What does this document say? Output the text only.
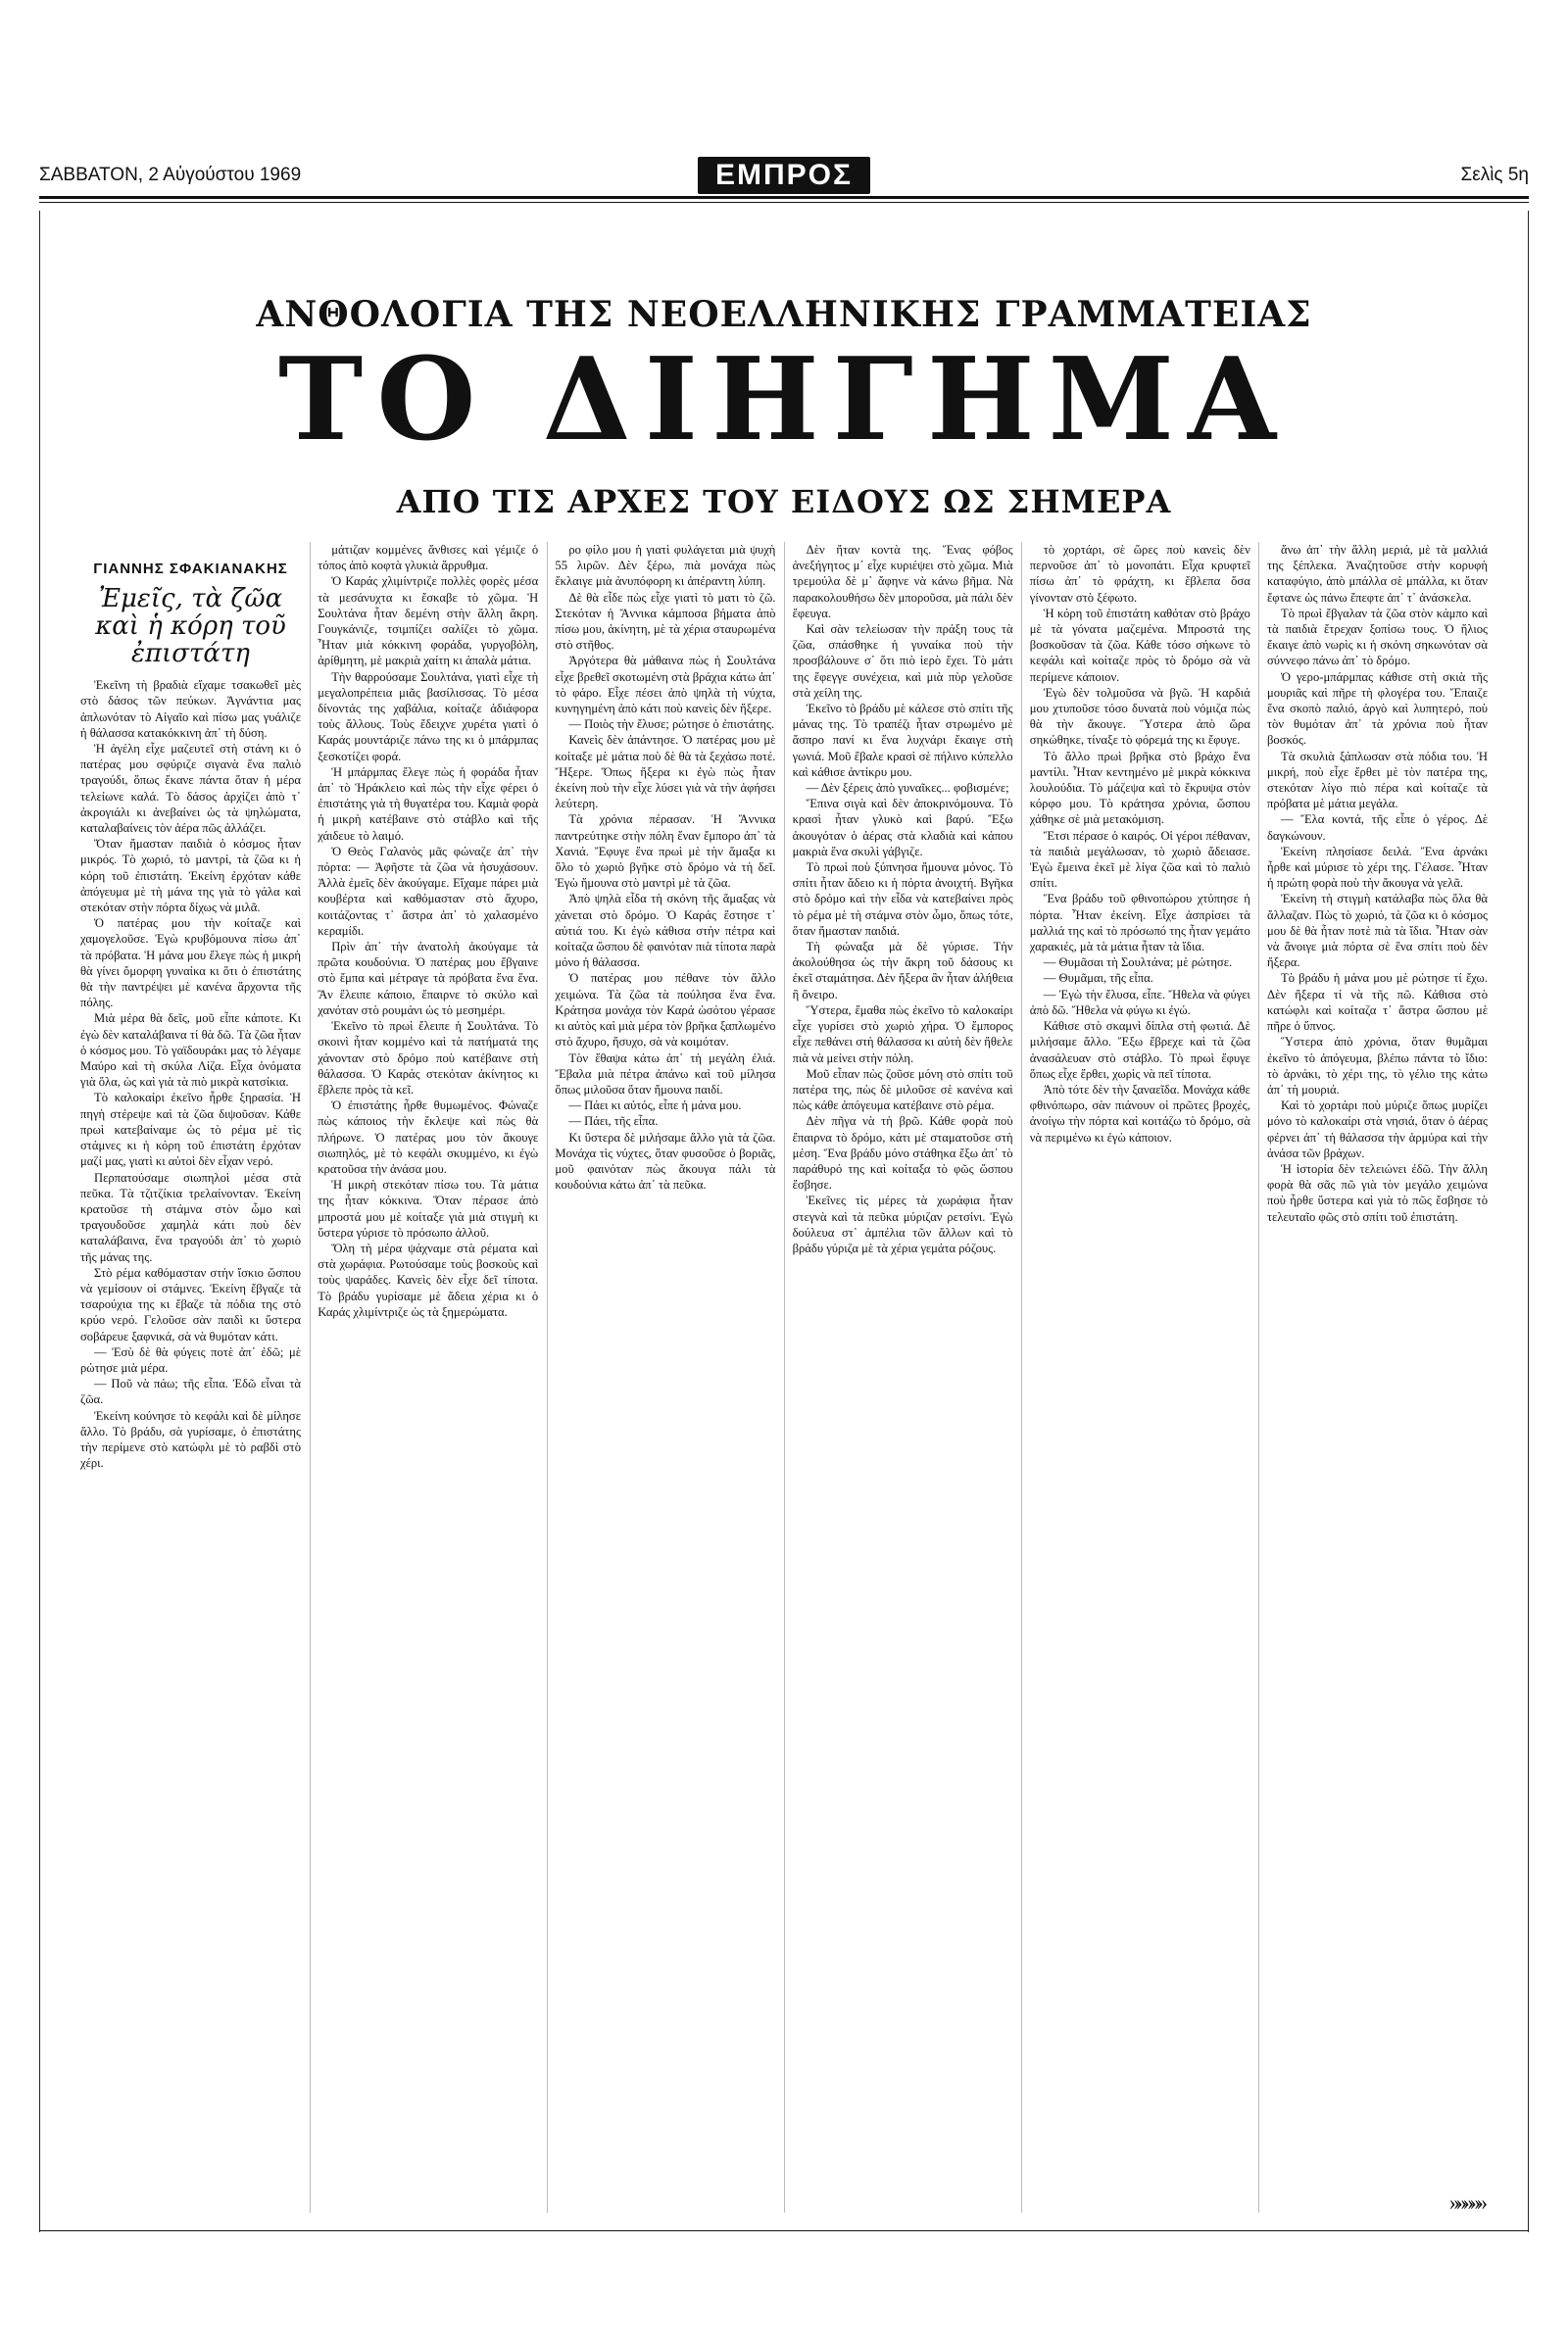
ΣΑΒΒΑΤΟΝ, 2 Αὐγούστου 1969	ΕΜΠΡΟΣ	Σελὶς 5η
ΑΝΘΟΛΟΓΙΑ ΤΗΣ ΝΕΟΕΛΛΗΝΙΚΗΣ ΓΡΑΜΜΑΤΕΙΑΣ
ΤΟ ΔΙΗΓΗΜΑ
ΑΠΟ ΤΙΣ ΑΡΧΕΣ ΤΟΥ ΕΙΔΟΥΣ ΩΣ ΣΗΜΕΡΑ
ΓΙΑΝΝΗΣ ΣΦΑΚΙΑΝΑΚΗΣ
Ἐμεῖς, τὰ ζῶα καὶ ἡ κόρη τοῦ ἐπιστάτη

Ἐκεῖνη τὴ βραδιὰ εἴχαμε τσακωθεῖ μὲς στὸ δάσος τῶν πεύκων. Ἀγνάντια μας ἁπλωνόταν τὸ Αἰγαῖο καὶ πίσω μας γυάλιζε ἡ θάλασσα κατακόκκινη ἀπ᾽ τὴ δύση.

Ἡ ἀγέλη εἶχε μαζευτεῖ στὴ στάνη κι ὁ πατέρας μου σφύριζε σιγανὰ ἕνα παλιὸ τραγούδι, ὅπως ἔκανε πάντα ὅταν ἡ μέρα τελείωνε καλά. Τὸ δάσος ἀρχίζει ἀπὸ τ᾽ ἀκρογιάλι κι ἀνεβαίνει ὡς τὰ ψηλώματα, καταλαβαίνεις τὸν ἀέρα πῶς ἀλλάζει.

Ὅταν ἤμασταν παιδιὰ ὁ κόσμος ἦταν μικρός. Τὸ χωριό, τὸ μαντρί, τὰ ζῶα κι ἡ κόρη τοῦ ἐπιστάτη. Ἐκείνη ἐρχόταν κάθε ἀπόγευμα μὲ τὴ μάνα της γιὰ τὸ γάλα καὶ στεκόταν στὴν πόρτα δίχως νὰ μιλᾶ.

Ὁ πατέρας μου τὴν κοίταζε καὶ χαμογελοῦσε. Ἐγὼ κρυβόμουνα πίσω ἀπ᾽ τὰ πρόβατα. Ἡ μάνα μου ἔλεγε πὼς ἡ μικρὴ θὰ γίνει ὄμορφη γυναίκα κι ὅτι ὁ ἐπιστάτης θὰ τὴν παντρέψει μὲ κανένα ἄρχοντα τῆς πόλης.

Μιὰ μέρα θὰ δεῖς, μοῦ εἶπε κάποτε. Κι ἐγὼ δὲν καταλάβαινα τί θὰ δῶ. Τὰ ζῶα ἦταν ὁ κόσμος μου. Τὸ γαϊδουράκι μας τὸ λέγαμε Μαύρο καὶ τὴ σκύλα Λίζα. Εἶχα ὀνόματα γιὰ ὅλα, ὡς καὶ γιὰ τὰ πιὸ μικρὰ κατσίκια.

Τὸ καλοκαίρι ἐκεῖνο ἦρθε ξηρασία. Ἡ πηγὴ στέρεψε καὶ τὰ ζῶα διψοῦσαν. Κάθε πρωὶ κατεβαίναμε ὡς τὸ ρέμα μὲ τὶς στάμνες κι ἡ κόρη τοῦ ἐπιστάτη ἐρχόταν μαζί μας, γιατὶ κι αὐτοὶ δὲν εἶχαν νερό.

Περπατούσαμε σιωπηλοὶ μέσα στὰ πεῦκα. Τὰ τζιτζίκια τρελαίνονταν. Ἐκείνη κρατοῦσε τὴ στάμνα στὸν ὦμο καὶ τραγουδοῦσε χαμηλὰ κάτι ποὺ δὲν καταλάβαινα, ἕνα τραγούδι ἀπ᾽ τὸ χωριὸ τῆς μάνας της.

Στὸ ρέμα καθόμασταν στὴν ἴσκιο ὥσπου νὰ γεμίσουν οἱ στάμνες. Ἐκείνη ἔβγαζε τὰ τσαρούχια της κι ἔβαζε τὰ πόδια της στὸ κρύο νερό. Γελοῦσε σὰν παιδὶ κι ὕστερα σοβάρευε ξαφνικά, σὰ νὰ θυμόταν κάτι.

— Ἐσὺ δὲ θὰ φύγεις ποτὲ ἀπ᾽ ἐδῶ; μὲ ρώτησε μιὰ μέρα.

— Ποῦ νὰ πάω; τῆς εἶπα. Ἐδῶ εἶναι τὰ ζῶα.

Ἐκείνη κούνησε τὸ κεφάλι καὶ δὲ μίλησε ἄλλο. Τὸ βράδυ, σὰ γυρίσαμε, ὁ ἐπιστάτης τὴν περίμενε στὸ κατώφλι μὲ τὸ ραβδὶ στὸ χέρι.

μάτιζαν κομμένες ἄνθισες καὶ γέμιζε ὁ τόπος ἀπὸ κοφτὰ γλυκιὰ ἄρρυθμα.

Ὁ Καράς χλιμίντριζε πολλὲς φορὲς μέσα τὰ μεσάνυχτα κι ἔσκαβε τὸ χῶμα. Ἡ Σουλτάνα ἦταν δεμένη στὴν ἄλλη ἄκρη. Γουγκάνιζε, τσιμπίζει σαλίζει τὸ χῶμα. Ἦταν μιὰ κόκκινη φοράδα, γυργοβόλη, ἀρίθμητη, μὲ μακριὰ χαίτη κι ἁπαλὰ μάτια.

Τὴν θαρρούσαμε Σουλτάνα, γιατὶ εἶχε τὴ μεγαλοπρέπεια μιᾶς βασίλισσας. Τὸ μέσα δίνοντάς της χαβάλια, κοίταζε ἀδιάφορα τοὺς ἄλλους. Τοὺς ἔδειχνε χυρέτα γιατὶ ὁ Καράς μουντάριζε πάνω της κι ὁ μπάρμπας ξεσκοτίζει φορά.

Ἡ μπάρμπας ἔλεγε πὼς ἡ φοράδα ἦταν ἀπ᾽ τὸ Ἡράκλειο καὶ πὼς τὴν εἶχε φέρει ὁ ἐπιστάτης γιὰ τὴ θυγατέρα του. Καμιὰ φορὰ ἡ μικρὴ κατέβαινε στὸ στάβλο καὶ τῆς χάιδευε τὸ λαιμό.

Ὁ Θεὸς Γαλανὸς μᾶς φώναζε ἀπ᾽ τὴν πόρτα: — Ἀφῆστε τὰ ζῶα νὰ ἡσυχάσουν. Ἀλλὰ ἐμεῖς δὲν ἀκούγαμε. Εἴχαμε πάρει μιὰ κουβέρτα καὶ καθόμασταν στὸ ἄχυρο, κοιτάζοντας τ᾽ ἄστρα ἀπ᾽ τὸ χαλασμένο κεραμίδι.

Πρὶν ἀπ᾽ τὴν ἀνατολὴ ἀκούγαμε τὰ πρῶτα κουδούνια. Ὁ πατέρας μου ἔβγαινε στὸ ἔμπα καὶ μέτραγε τὰ πρόβατα ἕνα ἕνα. Ἂν ἔλειπε κάποιο, ἔπαιρνε τὸ σκύλο καὶ χανόταν στὸ ρουμάνι ὡς τὸ μεσημέρι.

Ἐκεῖνο τὸ πρωὶ ἔλειπε ἡ Σουλτάνα. Τὸ σκοινὶ ἦταν κομμένο καὶ τὰ πατήματά της χάνονταν στὸ δρόμο ποὺ κατέβαινε στὴ θάλασσα. Ὁ Καράς στεκόταν ἀκίνητος κι ἔβλεπε πρὸς τὰ κεῖ.

Ὁ ἐπιστάτης ἦρθε θυμωμένος. Φώναζε πὼς κάποιος τὴν ἔκλεψε καὶ πὼς θὰ πλήρωνε. Ὁ πατέρας μου τὸν ἄκουγε σιωπηλός, μὲ τὸ κεφάλι σκυμμένο, κι ἐγὼ κρατοῦσα τὴν ἀνάσα μου.

Ἡ μικρὴ στεκόταν πίσω του. Τὰ μάτια της ἦταν κόκκινα. Ὅταν πέρασε ἀπὸ μπροστά μου μὲ κοίταξε γιὰ μιὰ στιγμὴ κι ὕστερα γύρισε τὸ πρόσωπο ἀλλοῦ.

Ὅλη τὴ μέρα ψάχναμε στὰ ρέματα καὶ στὰ χωράφια. Ρωτούσαμε τοὺς βοσκοὺς καὶ τοὺς ψαράδες. Κανεὶς δὲν εἶχε δεῖ τίποτα. Τὸ βράδυ γυρίσαμε μὲ ἄδεια χέρια κι ὁ Καράς χλιμίντριζε ὡς τὰ ξημερώματα.

ρο φίλο μου ἡ γιατὶ φυλάγεται μιὰ ψυχὴ 55 λιρῶν. Δὲν ξέρω, πιὰ μονάχα πὼς ἔκλαιγε μιὰ ἀνυπόφορη κι ἀπέραντη λύπη.

Δὲ θὰ εἶδε πὼς εἶχε γιατὶ τὸ ματι τὸ ζῶ. Στεκόταν ἡ Ἄννικα κάμποσα βήματα ἀπὸ πίσω μου, ἀκίνητη, μὲ τὰ χέρια σταυρωμένα στὸ στῆθος.

Ἀργότερα θὰ μάθαινα πὼς ἡ Σουλτάνα εἶχε βρεθεῖ σκοτωμένη στὰ βράχια κάτω ἀπ᾽ τὸ φάρο. Εἶχε πέσει ἀπὸ ψηλὰ τὴ νύχτα, κυνηγημένη ἀπὸ κάτι ποὺ κανεὶς δὲν ἤξερε.

— Ποιὸς τὴν ἔλυσε; ρώτησε ὁ ἐπιστάτης.

Κανεὶς δὲν ἀπάντησε. Ὁ πατέρας μου μὲ κοίταξε μὲ μάτια ποὺ δὲ θὰ τὰ ξεχάσω ποτέ. Ἤξερε. Ὅπως ἤξερα κι ἐγὼ πὼς ἦταν ἐκείνη ποὺ τὴν εἶχε λύσει γιὰ νὰ τὴν ἀφήσει λεύτερη.

Τὰ χρόνια πέρασαν. Ἡ Ἄννικα παντρεύτηκε στὴν πόλη ἕναν ἔμπορο ἀπ᾽ τὰ Χανιά. Ἔφυγε ἕνα πρωὶ μὲ τὴν ἅμαξα κι ὅλο τὸ χωριὸ βγῆκε στὸ δρόμο νὰ τὴ δεῖ. Ἐγὼ ἤμουνα στὸ μαντρὶ μὲ τὰ ζῶα.

Ἀπὸ ψηλὰ εἶδα τὴ σκόνη τῆς ἅμαξας νὰ χάνεται στὸ δρόμο. Ὁ Καράς ἔστησε τ᾽ αὐτιά του. Κι ἐγὼ κάθισα στὴν πέτρα καὶ κοίταζα ὥσπου δὲ φαινόταν πιὰ τίποτα παρὰ μόνο ἡ θάλασσα.

Ὁ πατέρας μου πέθανε τὸν ἄλλο χειμώνα. Τὰ ζῶα τὰ πούλησα ἕνα ἕνα. Κράτησα μονάχα τὸν Καρά ὡσότου γέρασε κι αὐτὸς καὶ μιὰ μέρα τὸν βρῆκα ξαπλωμένο στὸ ἄχυρο, ἥσυχο, σὰ νὰ κοιμόταν.

Τὸν ἔθαψα κάτω ἀπ᾽ τὴ μεγάλη ἐλιά. Ἔβαλα μιὰ πέτρα ἀπάνω καὶ τοῦ μίλησα ὅπως μιλοῦσα ὅταν ἤμουνα παιδί.

— Πάει κι αὐτός, εἶπε ἡ μάνα μου.

— Πάει, τῆς εἶπα.

Κι ὕστερα δὲ μιλήσαμε ἄλλο γιὰ τὰ ζῶα. Μονάχα τὶς νύχτες, ὅταν φυσοῦσε ὁ βοριᾶς, μοῦ φαινόταν πὼς ἄκουγα πάλι τὰ κουδούνια κάτω ἀπ᾽ τὰ πεῦκα.

Δὲν ἤταν κοντὰ της. Ἕνας φόβος ἀνεξήγητος μ᾽ εἶχε κυριέψει στὸ χῶμα. Μιὰ τρεμούλα δὲ μ᾽ ἄφηνε νὰ κάνω βῆμα. Νὰ παρακολουθήσω δὲν μποροῦσα, μὰ πάλι δὲν ἔφευγα.

Καὶ σὰν τελείωσαν τὴν πράξη τους τὰ ζῶα, σπάσθηκε ἡ γυναίκα ποὺ τὴν προσβάλουνε σ᾽ ὅτι πιὸ ἱερὸ ἔχει. Τὸ μάτι της ἔφεγγε συνέχεια, καὶ μιὰ πὺρ γελοῦσε στὰ χείλη της.

Ἐκεῖνο τὸ βράδυ μὲ κάλεσε στὸ σπίτι τῆς μάνας της. Τὸ τραπέζι ἦταν στρωμένο μὲ ἄσπρο πανί κι ἕνα λυχνάρι ἔκαιγε στὴ γωνιά. Μοῦ ἔβαλε κρασὶ σὲ πήλινο κύπελλο καὶ κάθισε ἀντίκρυ μου.

— Δὲν ξέρεις ἀπὸ γυναῖκες... φοβισμένε;

Ἔπινα σιγὰ καὶ δὲν ἀποκρινόμουνα. Τὸ κρασὶ ἦταν γλυκὸ καὶ βαρύ. Ἔξω ἀκουγόταν ὁ ἀέρας στὰ κλαδιὰ καὶ κάπου μακριὰ ἕνα σκυλὶ γάβγιζε.

Τὸ πρωὶ ποὺ ξύπνησα ἤμουνα μόνος. Τὸ σπίτι ἦταν ἄδειο κι ἡ πόρτα ἀνοιχτή. Βγῆκα στὸ δρόμο καὶ τὴν εἶδα νὰ κατεβαίνει πρὸς τὸ ρέμα μὲ τὴ στάμνα στὸν ὦμο, ὅπως τότε, ὅταν ἤμασταν παιδιά.

Τὴ φώναξα μὰ δὲ γύρισε. Τὴν ἀκολούθησα ὡς τὴν ἄκρη τοῦ δάσους κι ἐκεῖ σταμάτησα. Δὲν ἤξερα ἂν ἦταν ἀλήθεια ἢ ὄνειρο.

Ὕστερα, ἔμαθα πὼς ἐκεῖνο τὸ καλοκαίρι εἶχε γυρίσει στὸ χωριὸ χήρα. Ὁ ἔμπορος εἶχε πεθάνει στὴ θάλασσα κι αὐτὴ δὲν ἤθελε πιὰ νὰ μείνει στὴν πόλη.

Μοῦ εἶπαν πὼς ζοῦσε μόνη στὸ σπίτι τοῦ πατέρα της, πὼς δὲ μιλοῦσε σὲ κανένα καὶ πὼς κάθε ἀπόγευμα κατέβαινε στὸ ρέμα.

Δὲν πῆγα νὰ τὴ βρῶ. Κάθε φορὰ ποὺ ἔπαιρνα τὸ δρόμο, κάτι μὲ σταματοῦσε στὴ μέση. Ἕνα βράδυ μόνο στάθηκα ἔξω ἀπ᾽ τὸ παράθυρό της καὶ κοίταξα τὸ φῶς ὥσπου ἔσβησε.

Ἐκεῖνες τὶς μέρες τὰ χωράφια ἦταν στεγνὰ καὶ τὰ πεῦκα μύριζαν ρετσίνι. Ἐγὼ δούλευα στ᾽ ἀμπέλια τῶν ἄλλων καὶ τὸ βράδυ γύριζα μὲ τὰ χέρια γεμάτα ρόζους.

τὸ χορτάρι, σὲ ὥρες ποὺ κανεὶς δὲν περνοῦσε ἀπ᾽ τὸ μονοπάτι. Εἶχα κρυφτεῖ πίσω ἀπ᾽ τὸ φράχτη, κι ἔβλεπα ὅσα γίνονταν στὸ ξέφωτο.

Ἡ κόρη τοῦ ἐπιστάτη καθόταν στὸ βράχο μὲ τὰ γόνατα μαζεμένα. Μπροστά της βοσκοῦσαν τὰ ζῶα. Κάθε τόσο σήκωνε τὸ κεφάλι καὶ κοίταζε πρὸς τὸ δρόμο σὰ νὰ περίμενε κάποιον.

Ἐγὼ δὲν τολμοῦσα νὰ βγῶ. Ἡ καρδιά μου χτυποῦσε τόσο δυνατὰ ποὺ νόμιζα πὼς θὰ τὴν ἄκουγε. Ὕστερα ἀπὸ ὥρα σηκώθηκε, τίναξε τὸ φόρεμά της κι ἔφυγε.

Τὸ ἄλλο πρωὶ βρῆκα στὸ βράχο ἕνα μαντίλι. Ἦταν κεντημένο μὲ μικρὰ κόκκινα λουλούδια. Τὸ μάζεψα καὶ τὸ ἔκρυψα στὸν κόρφο μου. Τὸ κράτησα χρόνια, ὥσπου χάθηκε σὲ μιὰ μετακόμιση.

Ἔτσι πέρασε ὁ καιρός. Οἱ γέροι πέθαναν, τὰ παιδιὰ μεγάλωσαν, τὸ χωριὸ ἄδειασε. Ἐγὼ ἔμεινα ἐκεῖ μὲ λίγα ζῶα καὶ τὸ παλιὸ σπίτι.

Ἕνα βράδυ τοῦ φθινοπώρου χτύπησε ἡ πόρτα. Ἦταν ἐκείνη. Εἶχε ἀσπρίσει τὰ μαλλιά της καὶ τὸ πρόσωπό της ἦταν γεμάτο χαρακιές, μὰ τὰ μάτια ἦταν τὰ ἴδια.

— Θυμᾶσαι τὴ Σουλτάνα; μὲ ρώτησε.

— Θυμᾶμαι, τῆς εἶπα.

— Ἐγὼ τὴν ἔλυσα, εἶπε. Ἤθελα νὰ φύγει ἀπὸ δῶ. Ἤθελα νὰ φύγω κι ἐγώ.

Κάθισε στὸ σκαμνὶ δίπλα στὴ φωτιά. Δὲ μιλήσαμε ἄλλο. Ἔξω ἔβρεχε καὶ τὰ ζῶα ἀνασάλευαν στὸ στάβλο. Τὸ πρωὶ ἔφυγε ὅπως εἶχε ἔρθει, χωρὶς νὰ πεῖ τίποτα.

Ἀπὸ τότε δὲν τὴν ξαναεῖδα. Μονάχα κάθε φθινόπωρο, σὰν πιάνουν οἱ πρῶτες βροχές, ἀνοίγω τὴν πόρτα καὶ κοιτάζω τὸ δρόμο, σὰ νὰ περιμένω κι ἐγὼ κάποιον.

ἄνω ἀπ᾽ τὴν ἄλλη μεριά, μὲ τὰ μαλλιά της ξέπλεκα. Ἀναζητοῦσε στὴν κορυφὴ καταφύγιο, ἀπὸ μπάλλα σὲ μπάλλα, κι ὅταν ἔφτανε ὡς πάνω ἔπεφτε ἀπ᾽ τ᾽ ἀνάσκελα.

Τὸ πρωὶ ἔβγαλαν τὰ ζῶα στὸν κάμπο καὶ τὰ παιδιὰ ἔτρεχαν ξοπίσω τους. Ὁ ἥλιος ἔκαιγε ἀπὸ νωρὶς κι ἡ σκόνη σηκωνόταν σὰ σύννεφο πάνω ἀπ᾽ τὸ δρόμο.

Ὁ γερο-μπάρμπας κάθισε στὴ σκιὰ τῆς μουριᾶς καὶ πῆρε τὴ φλογέρα του. Ἔπαιζε ἕνα σκοπὸ παλιό, ἀργὸ καὶ λυπητερό, ποὺ τὸν θυμόταν ἀπ᾽ τὰ χρόνια ποὺ ἦταν βοσκός.

Τὰ σκυλιὰ ξάπλωσαν στὰ πόδια του. Ἡ μικρή, ποὺ εἶχε ἔρθει μὲ τὸν πατέρα της, στεκόταν λίγο πιὸ πέρα καὶ κοίταζε τὰ πρόβατα μὲ μάτια μεγάλα.

— Ἔλα κοντά, τῆς εἶπε ὁ γέρος. Δὲ δαγκώνουν.

Ἐκείνη πλησίασε δειλά. Ἕνα ἀρνάκι ἦρθε καὶ μύρισε τὸ χέρι της. Γέλασε. Ἦταν ἡ πρώτη φορὰ ποὺ τὴν ἄκουγα νὰ γελᾶ.

Ἐκείνη τὴ στιγμὴ κατάλαβα πὼς ὅλα θὰ ἄλλαζαν. Πὼς τὸ χωριό, τὰ ζῶα κι ὁ κόσμος μου δὲ θὰ ἦταν ποτὲ πιὰ τὰ ἴδια. Ἦταν σὰν νὰ ἄνοιγε μιὰ πόρτα σὲ ἕνα σπίτι ποὺ δὲν ἤξερα.

Τὸ βράδυ ἡ μάνα μου μὲ ρώτησε τί ἔχω. Δὲν ἤξερα τί νὰ τῆς πῶ. Κάθισα στὸ κατώφλι καὶ κοίταζα τ᾽ ἄστρα ὥσπου μὲ πῆρε ὁ ὕπνος.

Ὕστερα ἀπὸ χρόνια, ὅταν θυμᾶμαι ἐκεῖνο τὸ ἀπόγευμα, βλέπω πάντα τὸ ἴδιο: τὸ ἀρνάκι, τὸ χέρι της, τὸ γέλιο της κάτω ἀπ᾽ τὴ μουριά.

Καὶ τὸ χορτάρι ποὺ μύριζε ὅπως μυρίζει μόνο τὸ καλοκαίρι στὰ νησιά, ὅταν ὁ ἀέρας φέρνει ἀπ᾽ τὴ θάλασσα τὴν ἁρμύρα καὶ τὴν ἀνάσα τῶν βράχων.

Ἡ ἱστορία δὲν τελειώνει ἐδῶ. Τὴν ἄλλη φορὰ θὰ σᾶς πῶ γιὰ τὸν μεγάλο χειμώνα ποὺ ἦρθε ὕστερα καὶ γιὰ τὸ πῶς ἔσβησε τὸ τελευταῖο φῶς στὸ σπίτι τοῦ ἐπιστάτη.

»»»»»
